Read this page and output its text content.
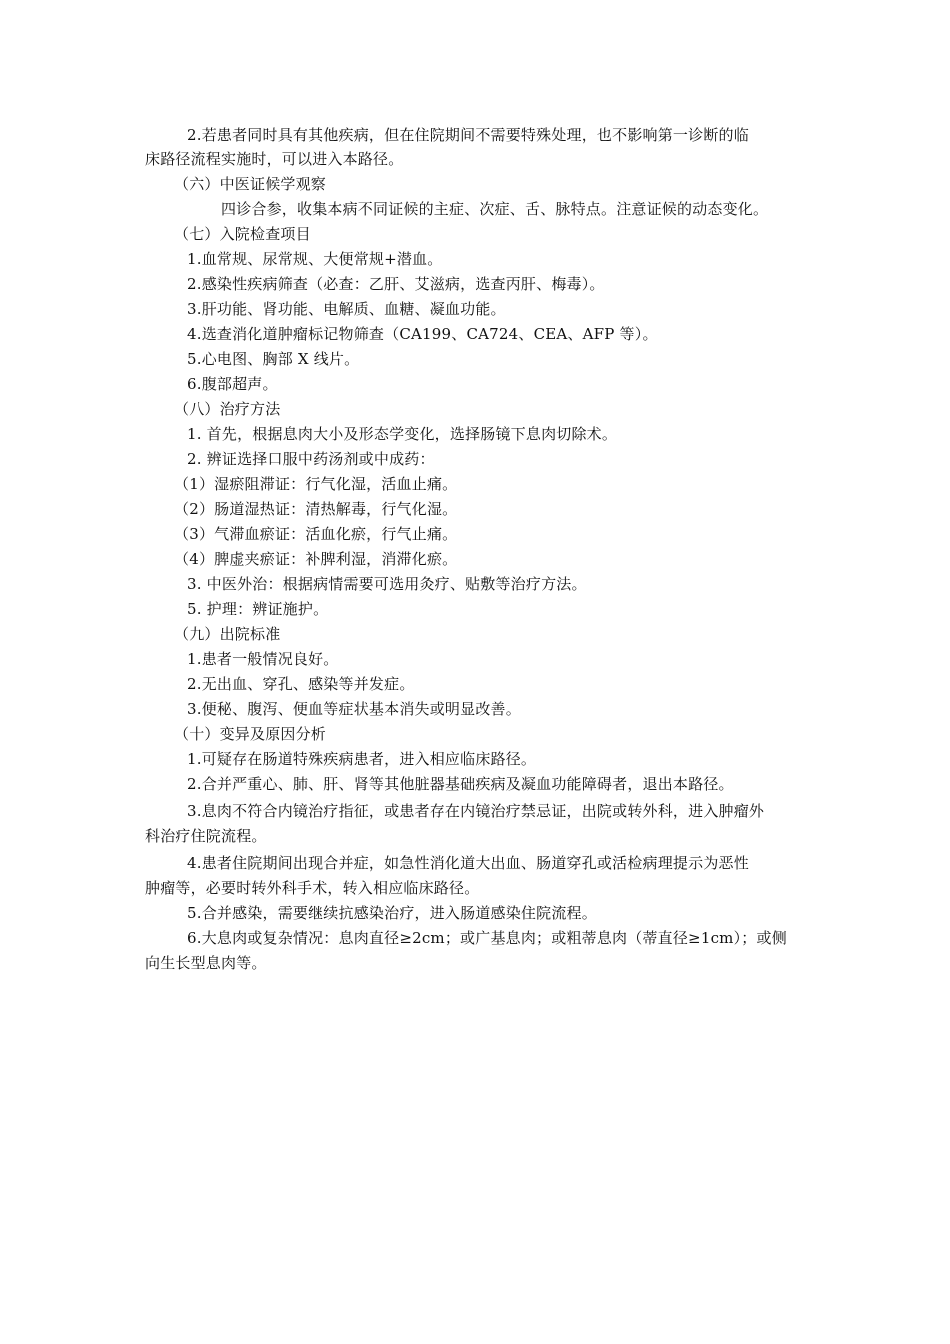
2.若患者同时具有其他疾病，但在住院期间不需要特殊处理，也不影响第一诊断的临
床路径流程实施时，可以进入本路径。
（六）中医证候学观察
四诊合参，收集本病不同证候的主症、次症、舌、脉特点。注意证候的动态变化。
（七）入院检查项目
1.血常规、尿常规、大便常规+潜血。
2.感染性疾病筛查（必查：乙肝、艾滋病，选查丙肝、梅毒）。
3.肝功能、肾功能、电解质、血糖、凝血功能。
4.选查消化道肿瘤标记物筛查（CA199、CA724、CEA、AFP 等）。
5.心电图、胸部 X 线片。
6.腹部超声。
（八）治疗方法
1. 首先，根据息肉大小及形态学变化，选择肠镜下息肉切除术。
2. 辨证选择口服中药汤剂或中成药：
（1）湿瘀阻滞证：行气化湿，活血止痛。
（2）肠道湿热证：清热解毒，行气化湿。
（3）气滞血瘀证：活血化瘀，行气止痛。
（4）脾虚夹瘀证：补脾利湿，消滞化瘀。
3. 中医外治：根据病情需要可选用灸疗、贴敷等治疗方法。
5. 护理：辨证施护。
（九）出院标准
1.患者一般情况良好。
2.无出血、穿孔、感染等并发症。
3.便秘、腹泻、便血等症状基本消失或明显改善。
（十）变异及原因分析
1.可疑存在肠道特殊疾病患者，进入相应临床路径。
2.合并严重心、肺、肝、肾等其他脏器基础疾病及凝血功能障碍者，退出本路径。
3.息肉不符合内镜治疗指征，或患者存在内镜治疗禁忌证，出院或转外科，进入肿瘤外
科治疗住院流程。
4.患者住院期间出现合并症，如急性消化道大出血、肠道穿孔或活检病理提示为恶性
肿瘤等，必要时转外科手术，转入相应临床路径。
5.合并感染，需要继续抗感染治疗，进入肠道感染住院流程。
6.大息肉或复杂情况：息肉直径≥2cm；或广基息肉；或粗蒂息肉（蒂直径≥1cm）；或侧
向生长型息肉等。
